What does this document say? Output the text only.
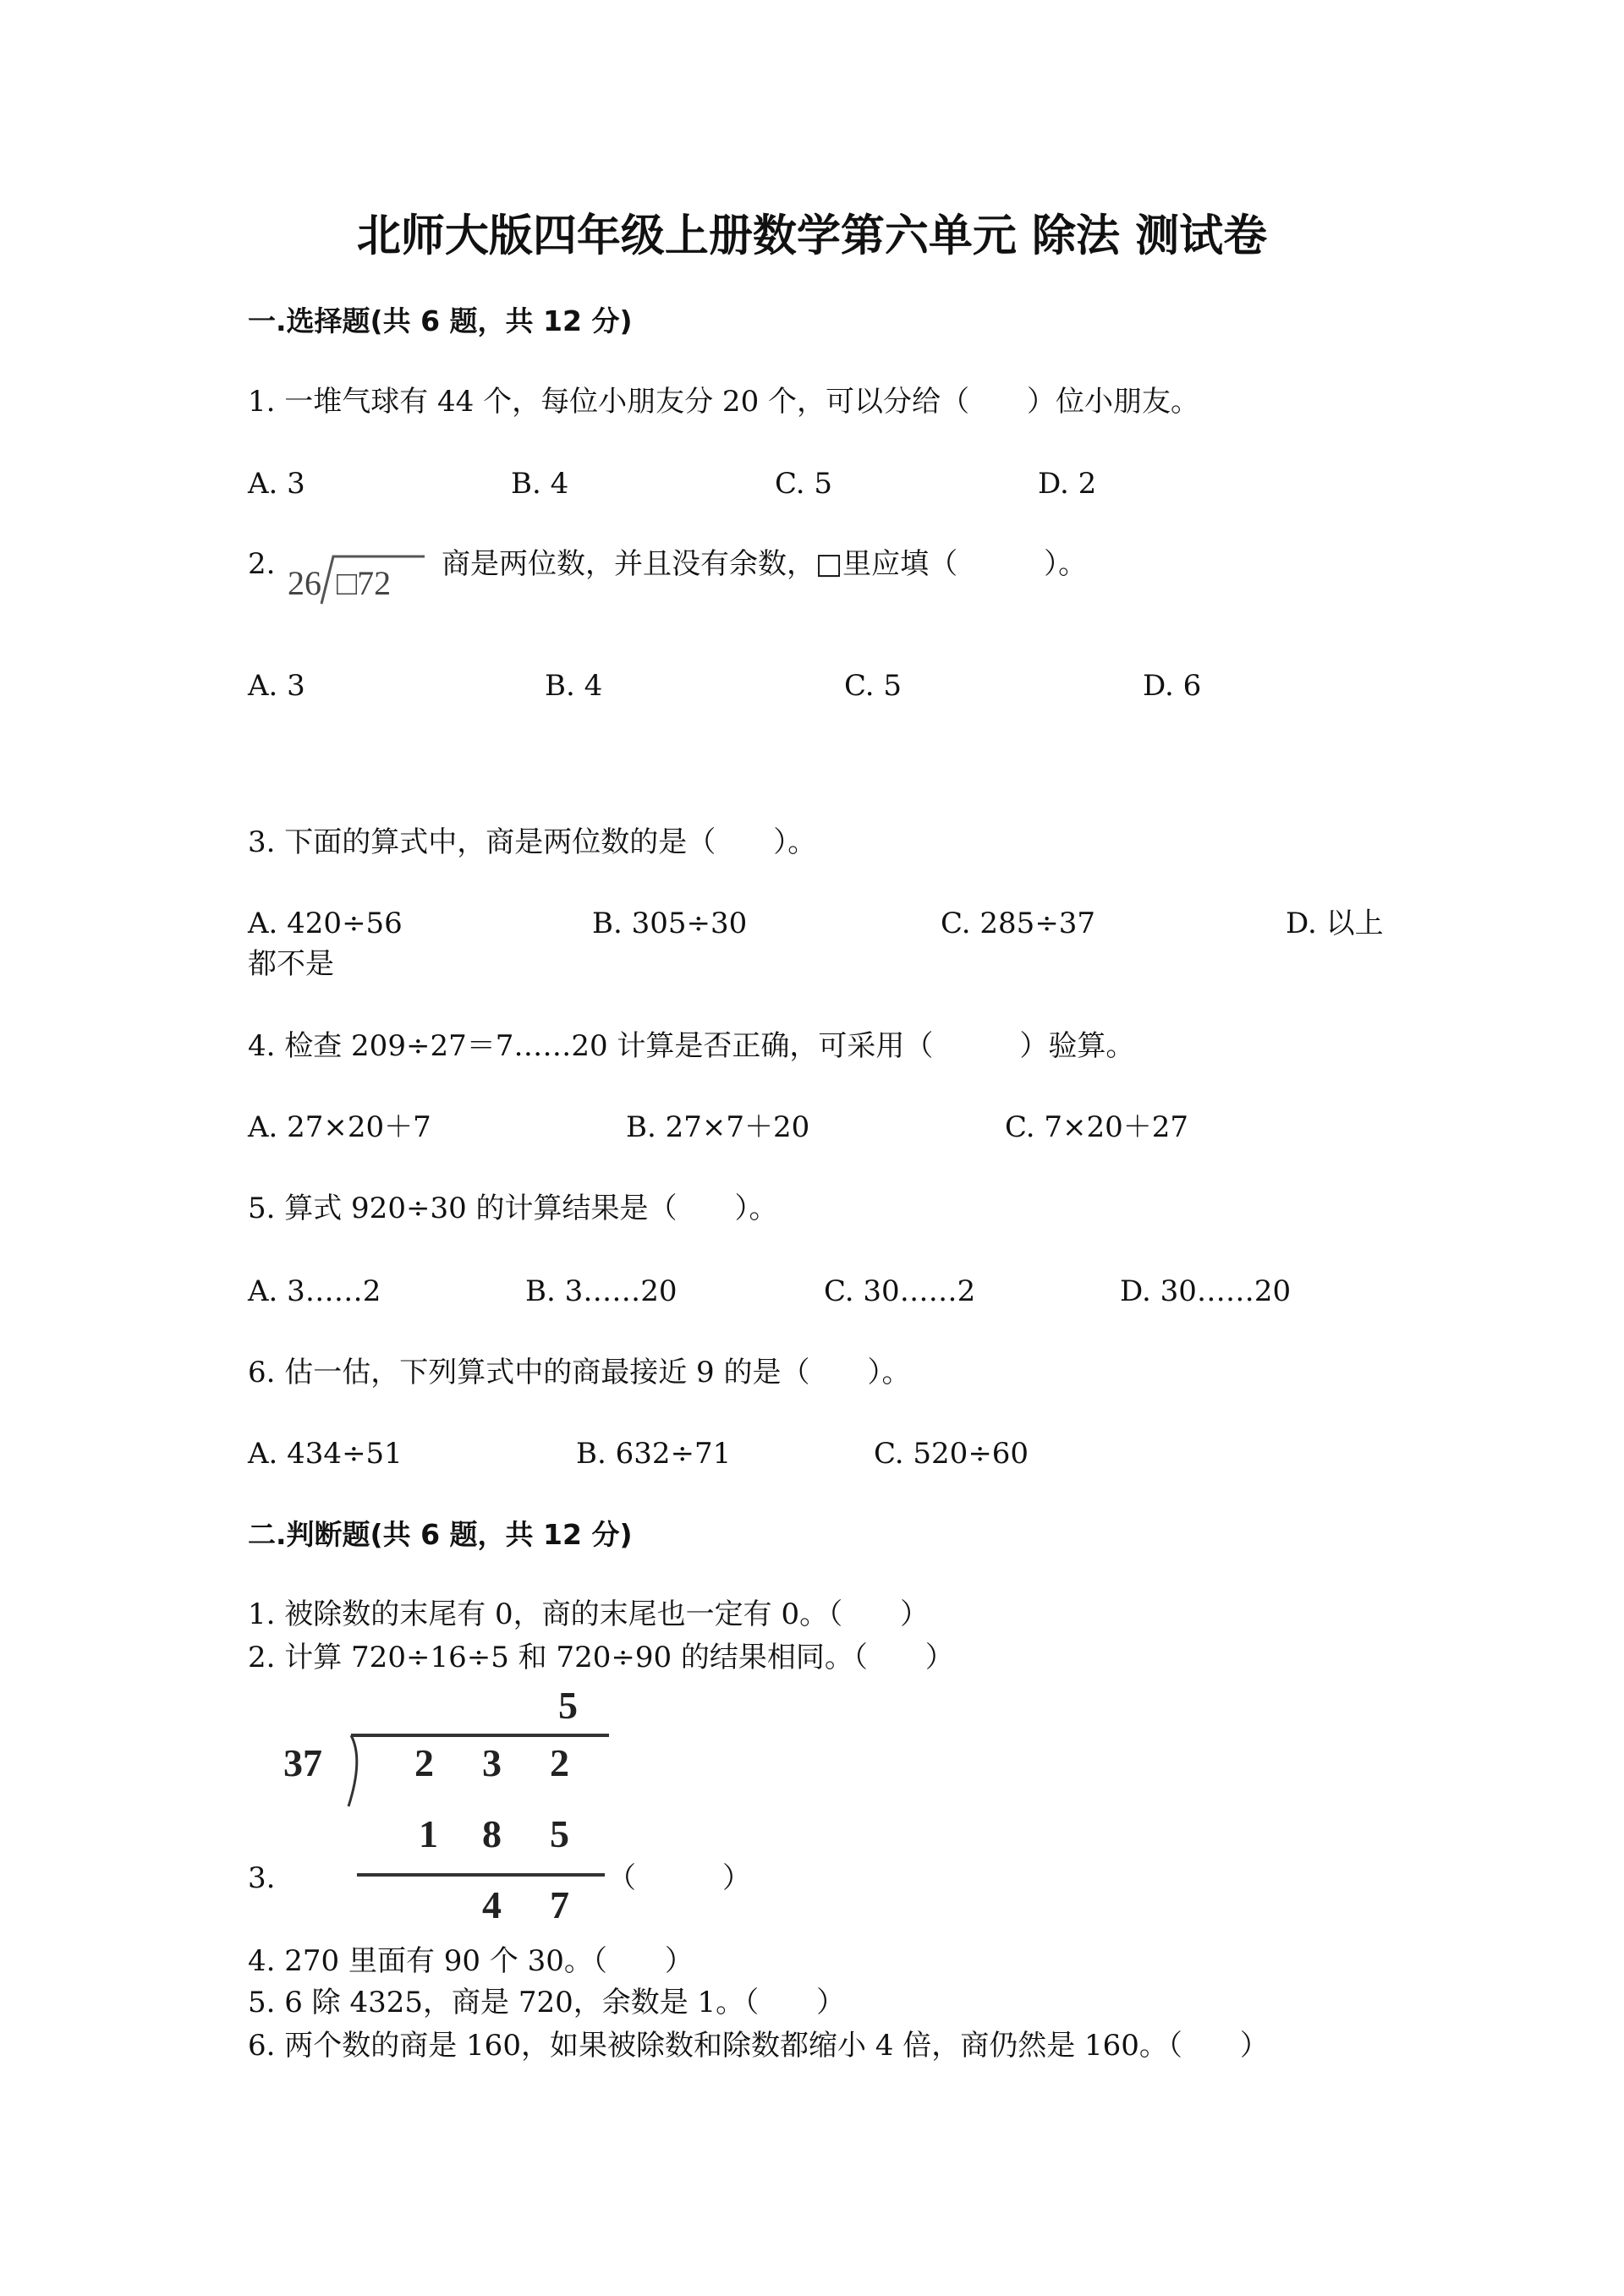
北师大版四年级上册数学第六单元 除法 测试卷
一.选择题(共 6 题，共 12 分)
1. 一堆气球有 44 个，每位小朋友分 20 个，可以分给（　　）位小朋友。
A. 3	B. 4	C. 5	D. 2
2. 26 □72 商是两位数，并且没有余数，□里应填（　　　）。
A. 3	B. 4	C. 5	D. 6
3. 下面的算式中，商是两位数的是（　　）。
A. 420÷56	B. 305÷30	C. 285÷37	D. 以上
都不是
4. 检查 209÷27＝7……20 计算是否正确，可采用（　　　）验算。
A. 27×20＋7	B. 27×7＋20	C. 7×20＋27
5. 算式 920÷30 的计算结果是（　　）。
A. 3……2	B. 3……20	C. 30……2	D. 30……20
6. 估一估，下列算式中的商最接近 9 的是（　　）。
A. 434÷51	B. 632÷71	C. 520÷60
二.判断题(共 6 题，共 12 分)
1. 被除数的末尾有 0，商的末尾也一定有 0。（　　）
2. 计算 720÷16÷5 和 720÷90 的结果相同。（　　）
5
37 2 3 2
1 8 5
4 7
3.	（　　　）
4. 270 里面有 90 个 30。（　　）
5. 6 除 4325，商是 720，余数是 1。（　　）
6. 两个数的商是 160，如果被除数和除数都缩小 4 倍，商仍然是 160。（　　）
